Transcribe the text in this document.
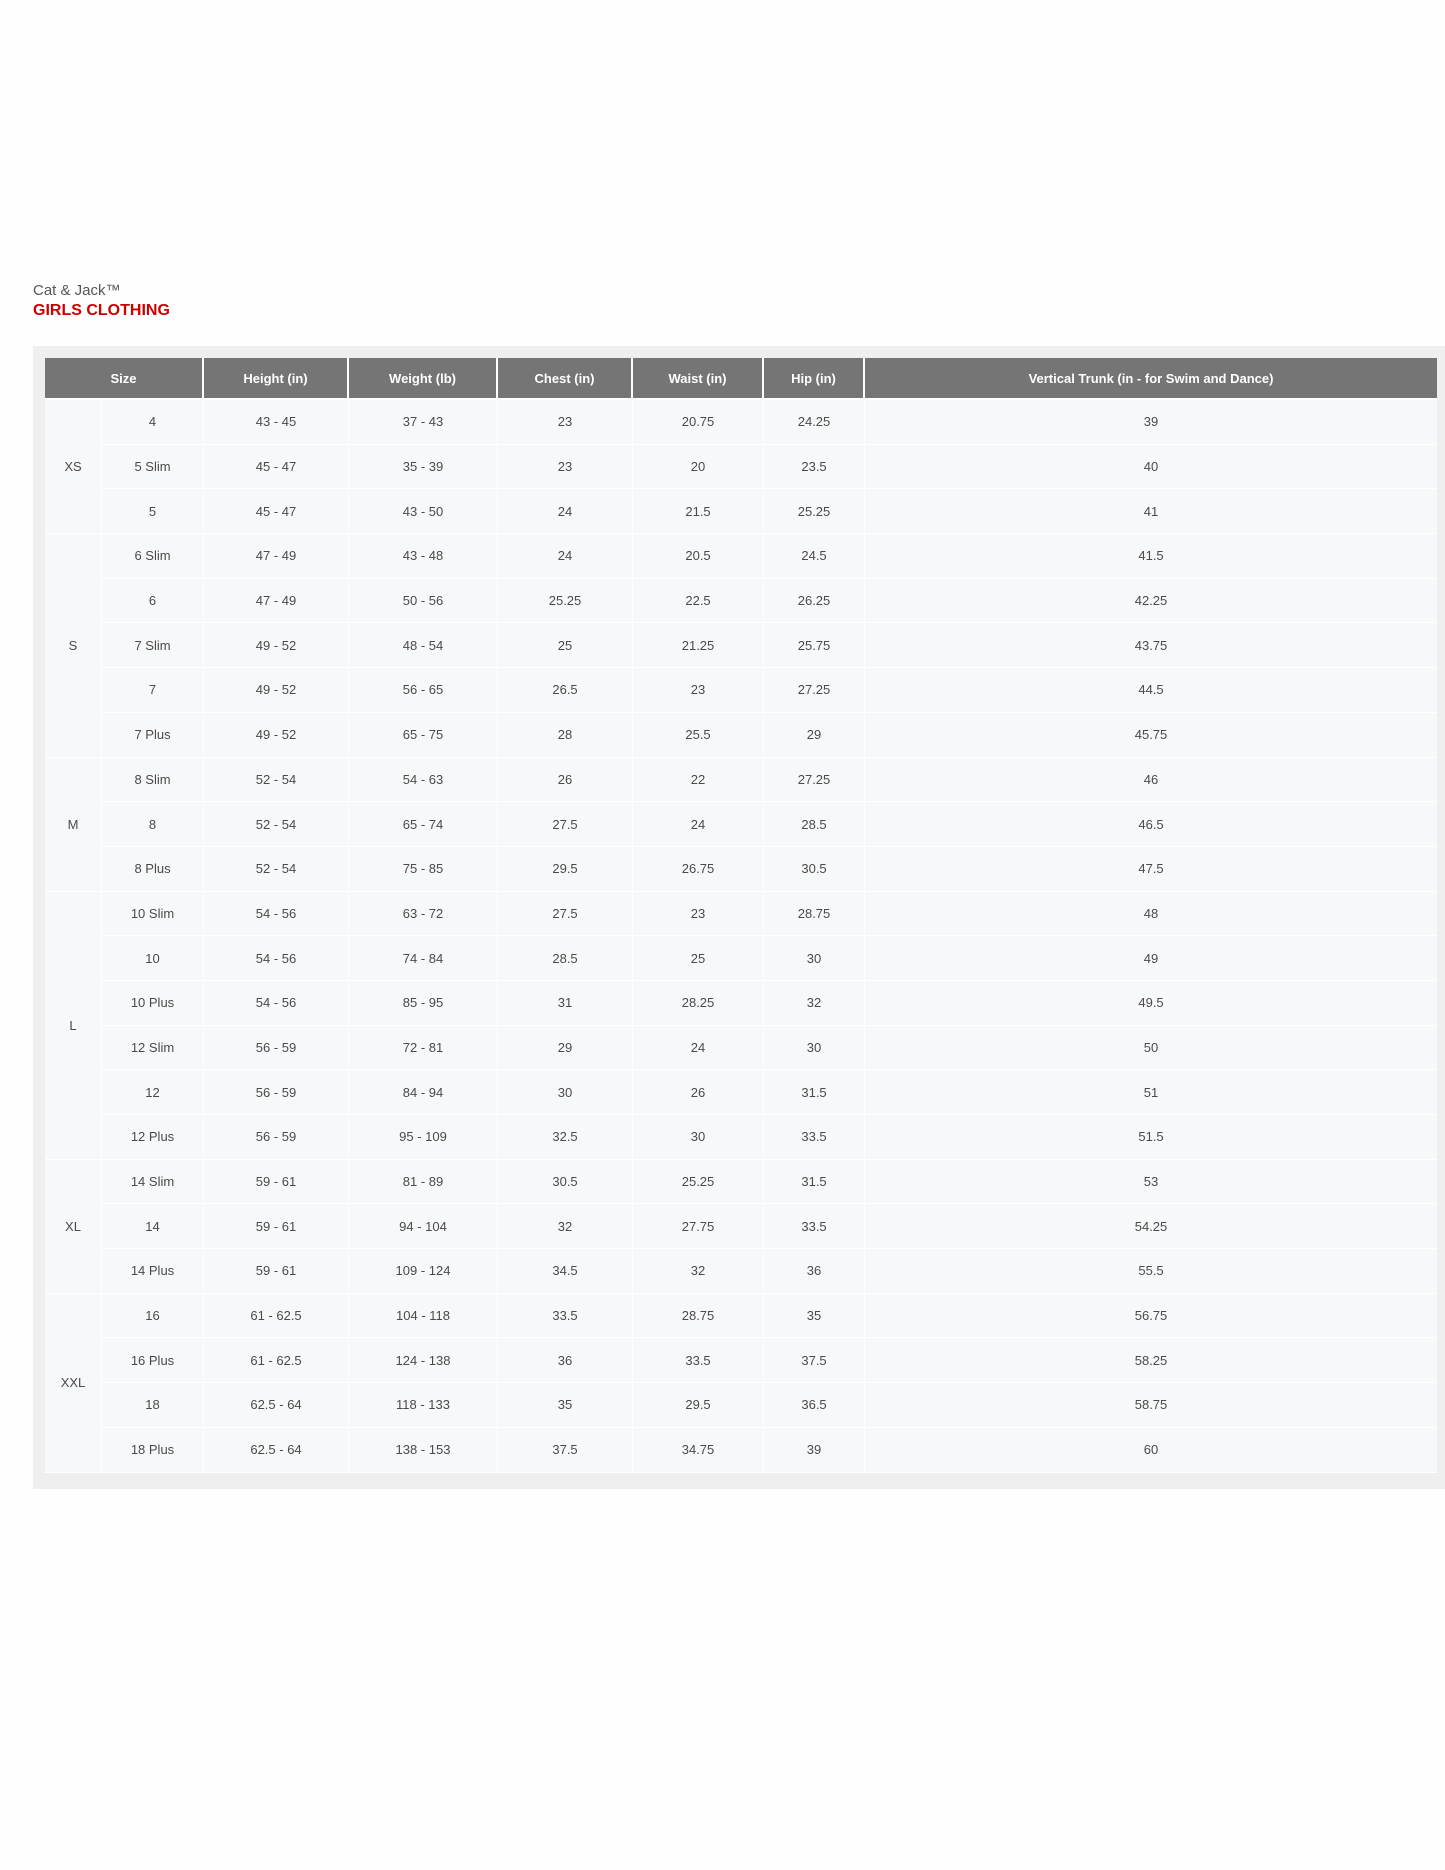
Cat & Jack™
GIRLS CLOTHING
Size		Height (in)	Weight (lb)	Chest (in)	Waist (in)	Hip (in)	Vertical Trunk (in - for Swim and Dance)
XS	4	43 - 45	37 - 43	23	20.75	24.25	39
	5 Slim	45 - 47	35 - 39	23	20	23.5	40
	5	45 - 47	43 - 50	24	21.5	25.25	41
S	6 Slim	47 - 49	43 - 48	24	20.5	24.5	41.5
	6	47 - 49	50 - 56	25.25	22.5	26.25	42.25
	7 Slim	49 - 52	48 - 54	25	21.25	25.75	43.75
	7	49 - 52	56 - 65	26.5	23	27.25	44.5
	7 Plus	49 - 52	65 - 75	28	25.5	29	45.75
M	8 Slim	52 - 54	54 - 63	26	22	27.25	46
	8	52 - 54	65 - 74	27.5	24	28.5	46.5
	8 Plus	52 - 54	75 - 85	29.5	26.75	30.5	47.5
L	10 Slim	54 - 56	63 - 72	27.5	23	28.75	48
	10	54 - 56	74 - 84	28.5	25	30	49
	10 Plus	54 - 56	85 - 95	31	28.25	32	49.5
	12 Slim	56 - 59	72 - 81	29	24	30	50
	12	56 - 59	84 - 94	30	26	31.5	51
	12 Plus	56 - 59	95 - 109	32.5	30	33.5	51.5
XL	14 Slim	59 - 61	81 - 89	30.5	25.25	31.5	53
	14	59 - 61	94 - 104	32	27.75	33.5	54.25
	14 Plus	59 - 61	109 - 124	34.5	32	36	55.5
XXL	16	61 - 62.5	104 - 118	33.5	28.75	35	56.75
	16 Plus	61 - 62.5	124 - 138	36	33.5	37.5	58.25
	18	62.5 - 64	118 - 133	35	29.5	36.5	58.75
	18 Plus	62.5 - 64	138 - 153	37.5	34.75	39	60
